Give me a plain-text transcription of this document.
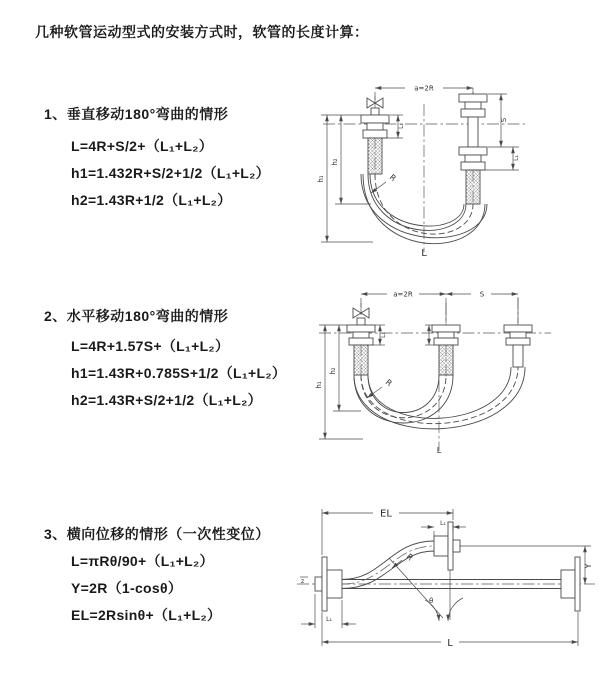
几种软管运动型式的安装方式时，软管的长度计算：
1、垂直移动180°弯曲的情形
L=4R+S/2+（L₁+L₂）
h1=1.432R+S/2+1/2（L₁+L₂）
h2=1.43R+1/2（L₁+L₂）
2、水平移动180°弯曲的情形
L=4R+1.57S+（L₁+L₂）
h1=1.43R+0.785S+1/2（L₁+L₂）
h2=1.43R+S/2+1/2（L₁+L₂）
3、横向位移的情形（一次性变位）
L=πRθ/90+（L₁+L₂）
Y=2R（1-cosθ）
EL=2Rsinθ+（L₁+L₂）
a=2R
R
S
L₁
L₁
h₂
h₁
L
a=2R	S
L₁
R
h₂
h₁
L
z
EL
L₁
Y
R
θ
L
L₁
